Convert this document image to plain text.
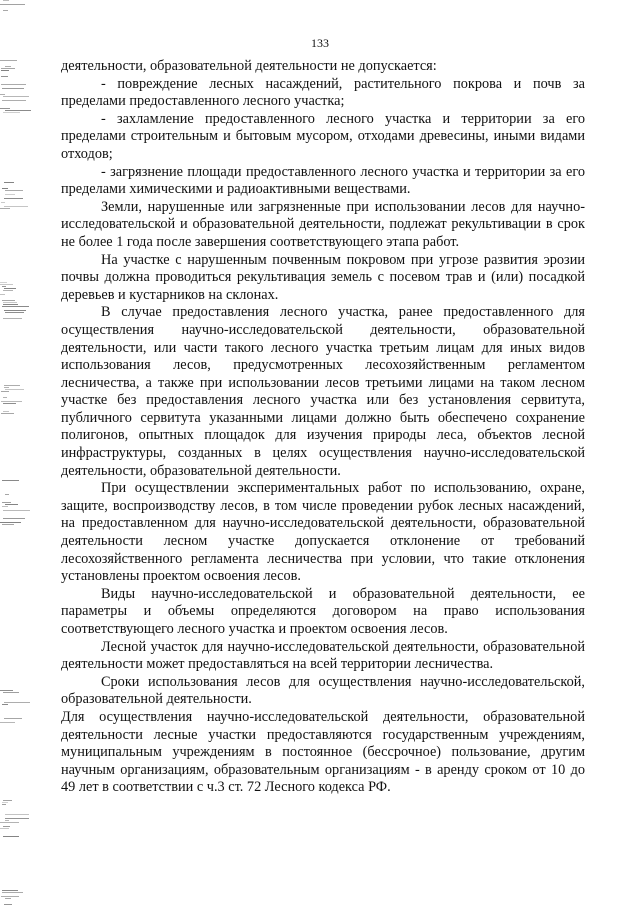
133

деятельности, образовательной деятельности не допускается:

- повреждение лесных насаждений, растительного покрова и почв за пределами предоставленного лесного участка;

- захламление предоставленного лесного участка и территории за его пределами строительным и бытовым мусором, отходами древесины, иными видами отходов;

- загрязнение площади предоставленного лесного участка и территории за его пределами химическими и радиоактивными веществами.

Земли, нарушенные или загрязненные при использовании лесов для научно-исследовательской и образовательной деятельности, подлежат рекультивации в срок не более 1 года после завершения соответствующего этапа работ.

На участке с нарушенным почвенным покровом при угрозе развития эрозии почвы должна проводиться рекультивация земель с посевом трав и (или) посадкой деревьев и кустарников на склонах.

В случае предоставления лесного участка, ранее предоставленного для осуществления научно-исследовательской деятельности, образовательной деятельности, или части такого лесного участка третьим лицам для иных видов использования лесов, предусмотренных лесохозяйственным регламентом лесничества, а также при использовании лесов третьими лицами на таком лесном участке без предоставления лесного участка или без установления сервитута, публичного сервитута указанными лицами должно быть обеспечено сохранение полигонов, опытных площадок для изучения природы леса, объектов лесной инфраструктуры, созданных в целях осуществления научно-исследовательской деятельности, образовательной деятельности.

При осуществлении экспериментальных работ по использованию, охране, защите, воспроизводству лесов, в том числе проведении рубок лесных насаждений, на предоставленном для научно-исследовательской деятельности, образовательной деятельности лесном участке допускается отклонение от требований лесохозяйственного регламента лесничества при условии, что такие отклонения установлены проектом освоения лесов.

Виды научно-исследовательской и образовательной деятельности, ее параметры и объемы определяются договором на право использования соответствующего лесного участка и проектом освоения лесов.

Лесной участок для научно-исследовательской деятельности, образовательной деятельности может предоставляться на всей территории лесничества.

Сроки использования лесов для осуществления научно-исследовательской, образовательной деятельности.

Для осуществления научно-исследовательской деятельности, образовательной деятельности лесные участки предоставляются государственным учреждениям, муниципальным учреждениям в постоянное (бессрочное) пользование, другим научным организациям, образовательным организациям - в аренду сроком от 10 до 49 лет в соответствии с ч.3 ст. 72 Лесного кодекса РФ.
